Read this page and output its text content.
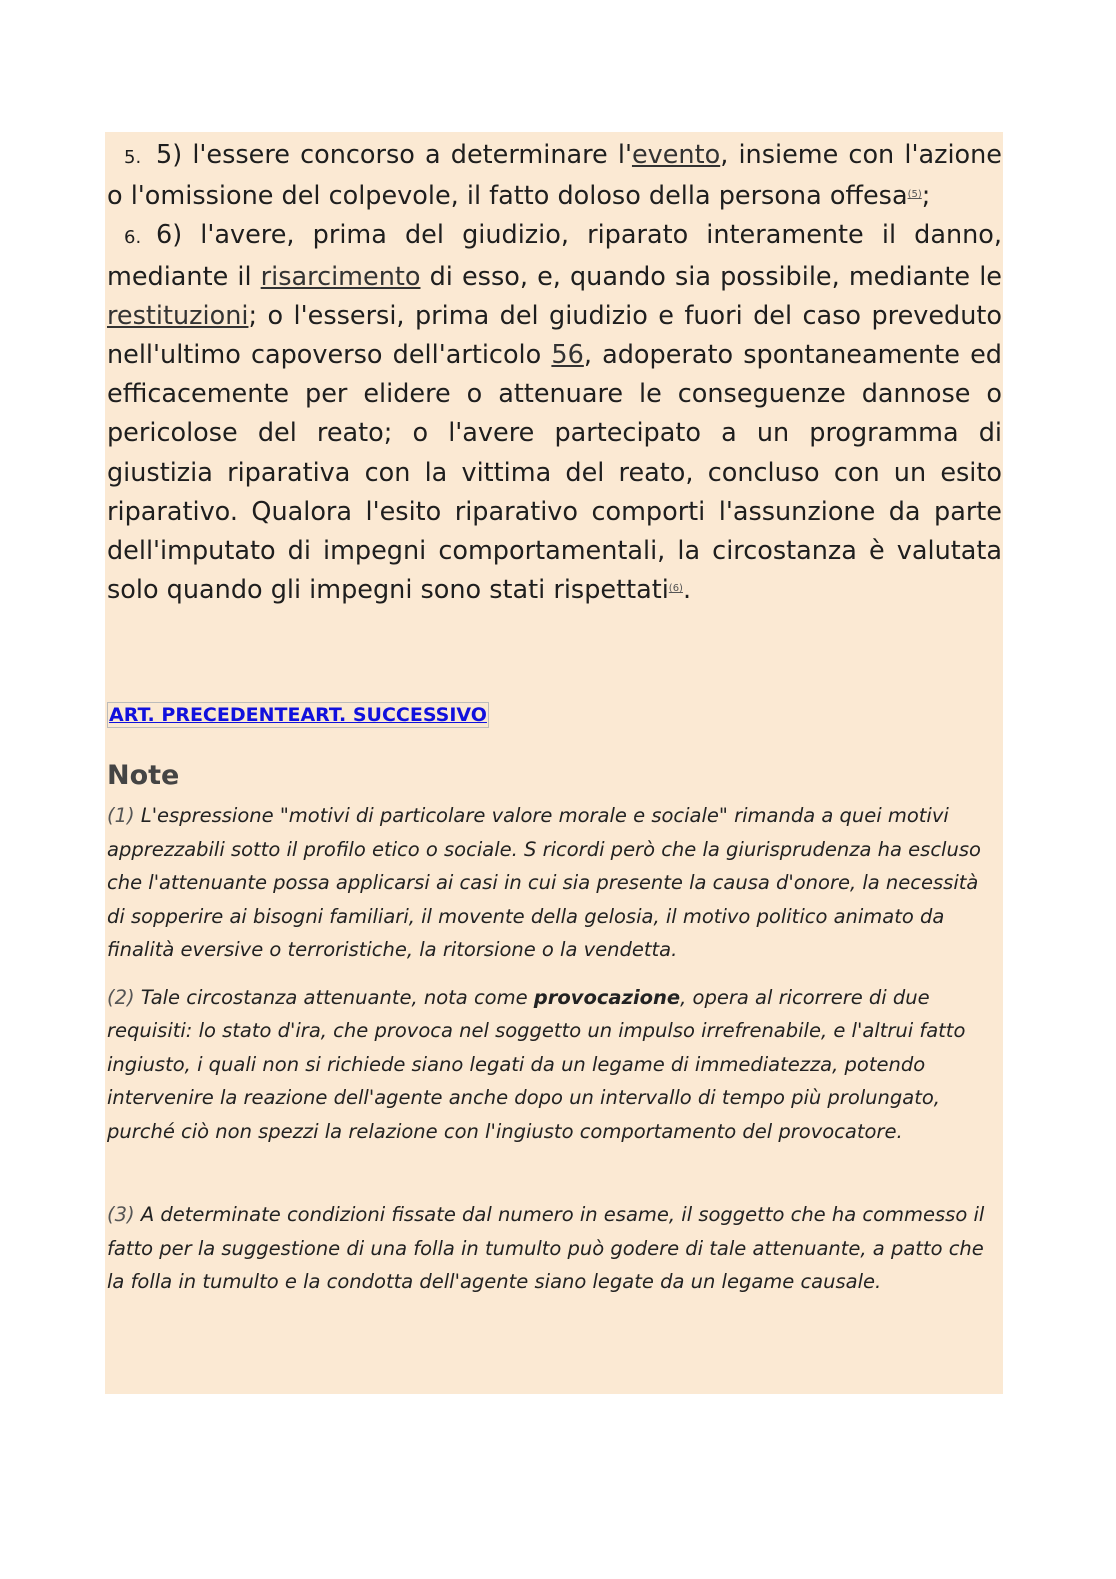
5. 5) l'essere concorso a determinare l'evento, insieme con l'azione o l'omissione del colpevole, il fatto doloso della persona offesa$^{(5)}$;

6. 6) l'avere, prima del giudizio, riparato interamente il danno, mediante il risarcimento di esso, e, quando sia possibile, mediante le restituzioni; o l'essersi, prima del giudizio e fuori del caso preveduto nell'ultimo capoverso dell'articolo 56, adoperato spontaneamente ed efficacemente per elidere o attenuare le conseguenze dannose o pericolose del reato; o l'avere partecipato a un programma di giustizia riparativa con la vittima del reato, concluso con un esito riparativo. Qualora l'esito riparativo comporti l'assunzione da parte dell'imputato di impegni comportamentali, la circostanza è valutata solo quando gli impegni sono stati rispettati$^{(6)}$.

ART. PRECEDENTEART. SUCCESSIVO
Note

(1) L'espressione "motivi di particolare valore morale e sociale" rimanda a quei motivi apprezzabili sotto il profilo etico o sociale. S ricordi però che la giurisprudenza ha escluso che l'attenuante possa applicarsi ai casi in cui sia presente la causa d'onore, la necessità di sopperire ai bisogni familiari, il movente della gelosia, il motivo politico animato da finalità eversive o terroristiche, la ritorsione o la vendetta.

(2) Tale circostanza attenuante, nota come provocazione, opera al ricorrere di due requisiti: lo stato d'ira, che provoca nel soggetto un impulso irrefrenabile, e l'altrui fatto ingiusto, i quali non si richiede siano legati da un legame di immediatezza, potendo intervenire la reazione dell'agente anche dopo un intervallo di tempo più prolungato, purché ciò non spezzi la relazione con l'ingiusto comportamento del provocatore.

(3) A determinate condizioni fissate dal numero in esame, il soggetto che ha commesso il fatto per la suggestione di una folla in tumulto può godere di tale attenuante, a patto che la folla in tumulto e la condotta dell'agente siano legate da un legame causale.
